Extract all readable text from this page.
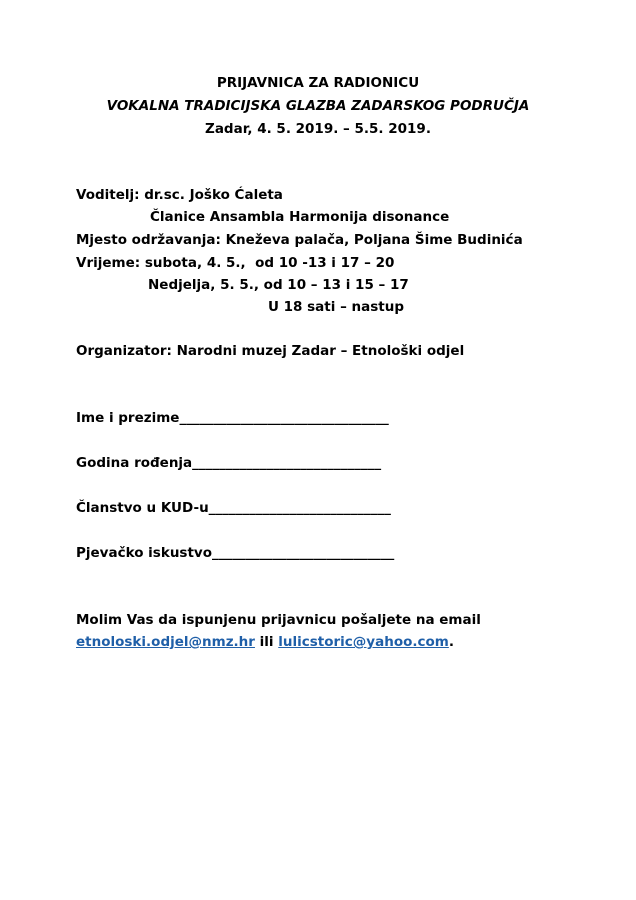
PRIJAVNICA ZA RADIONICU
VOKALNA TRADICIJSKA GLAZBA ZADARSKOG PODRUČJA
Zadar, 4. 5. 2019. – 5.5. 2019.
Voditelj: dr.sc. Joško Ćaleta
Članice Ansambla Harmonija disonance
Mjesto održavanja: Kneževa palača, Poljana Šime Budinića
Vrijeme: subota, 4. 5.,  od 10 -13 i 17 – 20
Nedjelja, 5. 5., od 10 – 13 i 15 – 17
U 18 sati – nastup
Organizator: Narodni muzej Zadar – Etnološki odjel
Ime i prezime_______________________________
Godina rođenja____________________________
Članstvo u KUD-u___________________________
Pjevačko iskustvo___________________________
Molim Vas da ispunjenu prijavnicu pošaljete na email
etnoloski.odjel@nmz.hr ili lulicstoric@yahoo.com.
